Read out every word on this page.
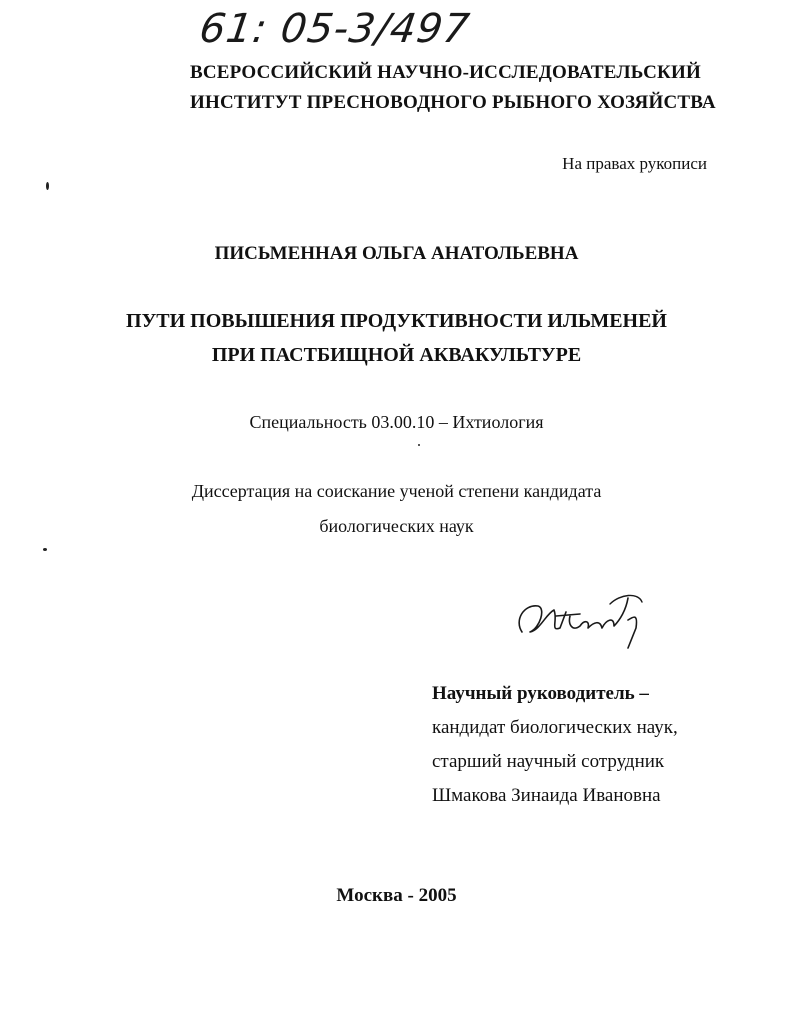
61: 05-3/497
ВСЕРОССИЙСКИЙ НАУЧНО-ИССЛЕДОВАТЕЛЬСКИЙ
ИНСТИТУТ ПРЕСНОВОДНОГО РЫБНОГО ХОЗЯЙСТВА
На правах рукописи
ПИСЬМЕННАЯ ОЛЬГА АНАТОЛЬЕВНА
ПУТИ ПОВЫШЕНИЯ ПРОДУКТИВНОСТИ ИЛЬМЕНЕЙ
ПРИ ПАСТБИЩНОЙ АКВАКУЛЬТУРЕ
Специальность 03.00.10 – Ихтиология
Диссертация на соискание ученой степени кандидата
биологических наук
Научный руководитель –
кандидат биологических наук,
старший научный сотрудник
Шмакова Зинаида Ивановна
Москва - 2005
